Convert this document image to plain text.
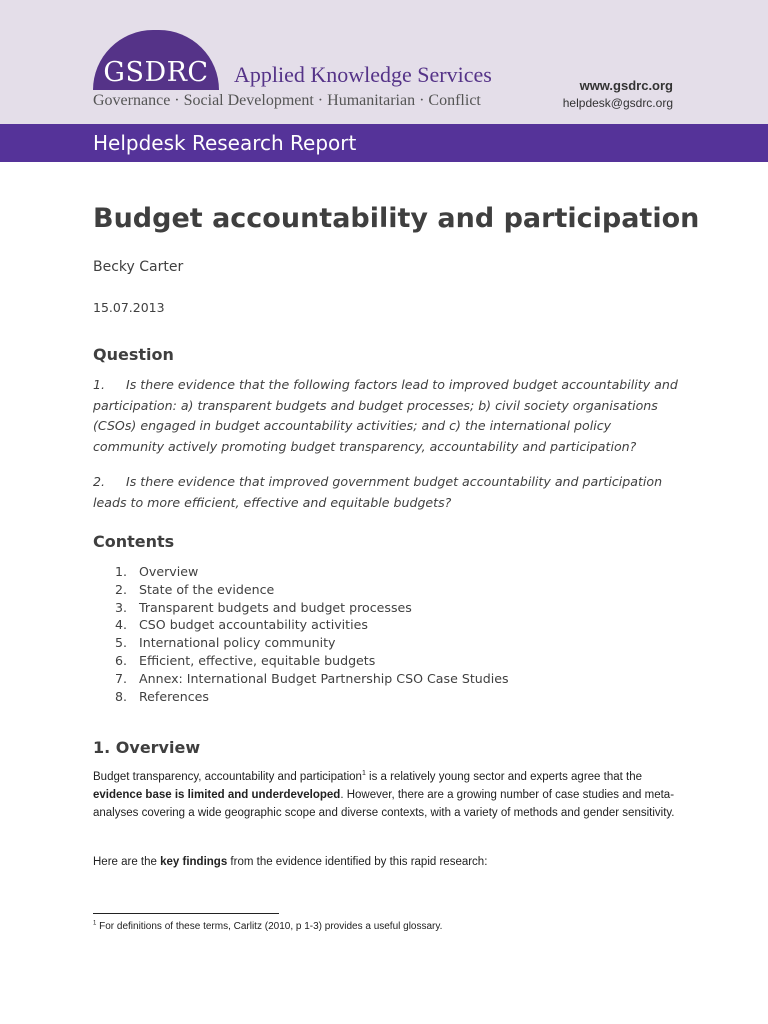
GSDRC	Applied Knowledge Services
Governance · Social Development · Humanitarian · Conflict
www.gsdrc.org
helpdesk@gsdrc.org
Helpdesk Research Report
Budget accountability and participation
Becky Carter
15.07.2013
Question
1. Is there evidence that the following factors lead to improved budget accountability and participation: a) transparent budgets and budget processes; b) civil society organisations (CSOs) engaged in budget accountability activities; and c) the international policy community actively promoting budget transparency, accountability and participation?
2. Is there evidence that improved government budget accountability and participation leads to more efficient, effective and equitable budgets?
Contents
1. Overview
2. State of the evidence
3. Transparent budgets and budget processes
4. CSO budget accountability activities
5. International policy community
6. Efficient, effective, equitable budgets
7. Annex: International Budget Partnership CSO Case Studies
8. References
1. Overview
Budget transparency, accountability and participation$^1$ is a relatively young sector and experts agree that the evidence base is limited and underdeveloped. However, there are a growing number of case studies and meta-analyses covering a wide geographic scope and diverse contexts, with a variety of methods and gender sensitivity.
Here are the key findings from the evidence identified by this rapid research:
$^1$ For definitions of these terms, Carlitz (2010, p 1-3) provides a useful glossary.
